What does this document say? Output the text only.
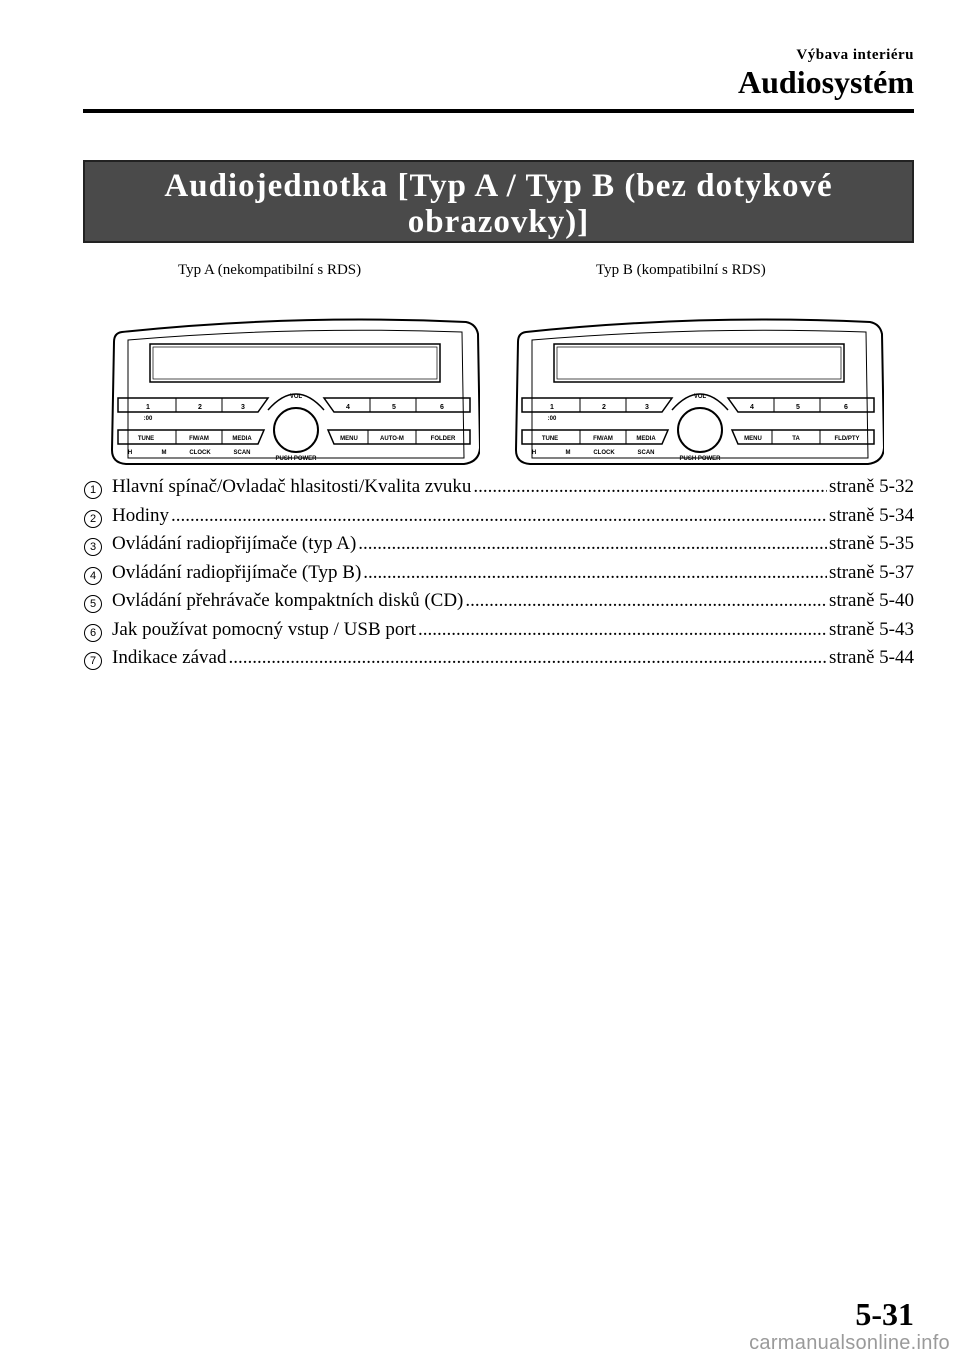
Výbava interiéru
Audiosystém
Audiojednotka [Typ A / Typ B (bez dotykové
obrazovky)]
Typ A (nekompatibilní s RDS)	Typ B (kompatibilní s RDS)
1	2	3
:00
4	5	6
VOL
PUSH POWER
TUNE	FM/AM	MEDIA
H	M	CLOCK	SCAN
MENU	AUTO-M	FOLDER
1	2	3
:00
4	5	6
VOL
PUSH POWER
TUNE	FM/AM	MEDIA
H	M	CLOCK	SCAN
MENU	TA	FLD/PTY
1 Hlavní spínač/Ovladač hlasitosti/Kvalita zvuku .....	straně 5-32
2 Hodiny .....	straně 5-34
3 Ovládání radiopřijímače (typ A) .....	straně 5-35
4 Ovládání radiopřijímače (Typ B) .....	straně 5-37
5 Ovládání přehrávače kompaktních disků (CD) .....	straně 5-40
6 Jak používat pomocný vstup / USB port .....	straně 5-43
7 Indikace závad .....	straně 5-44
5-31
carmanualsonline.info
